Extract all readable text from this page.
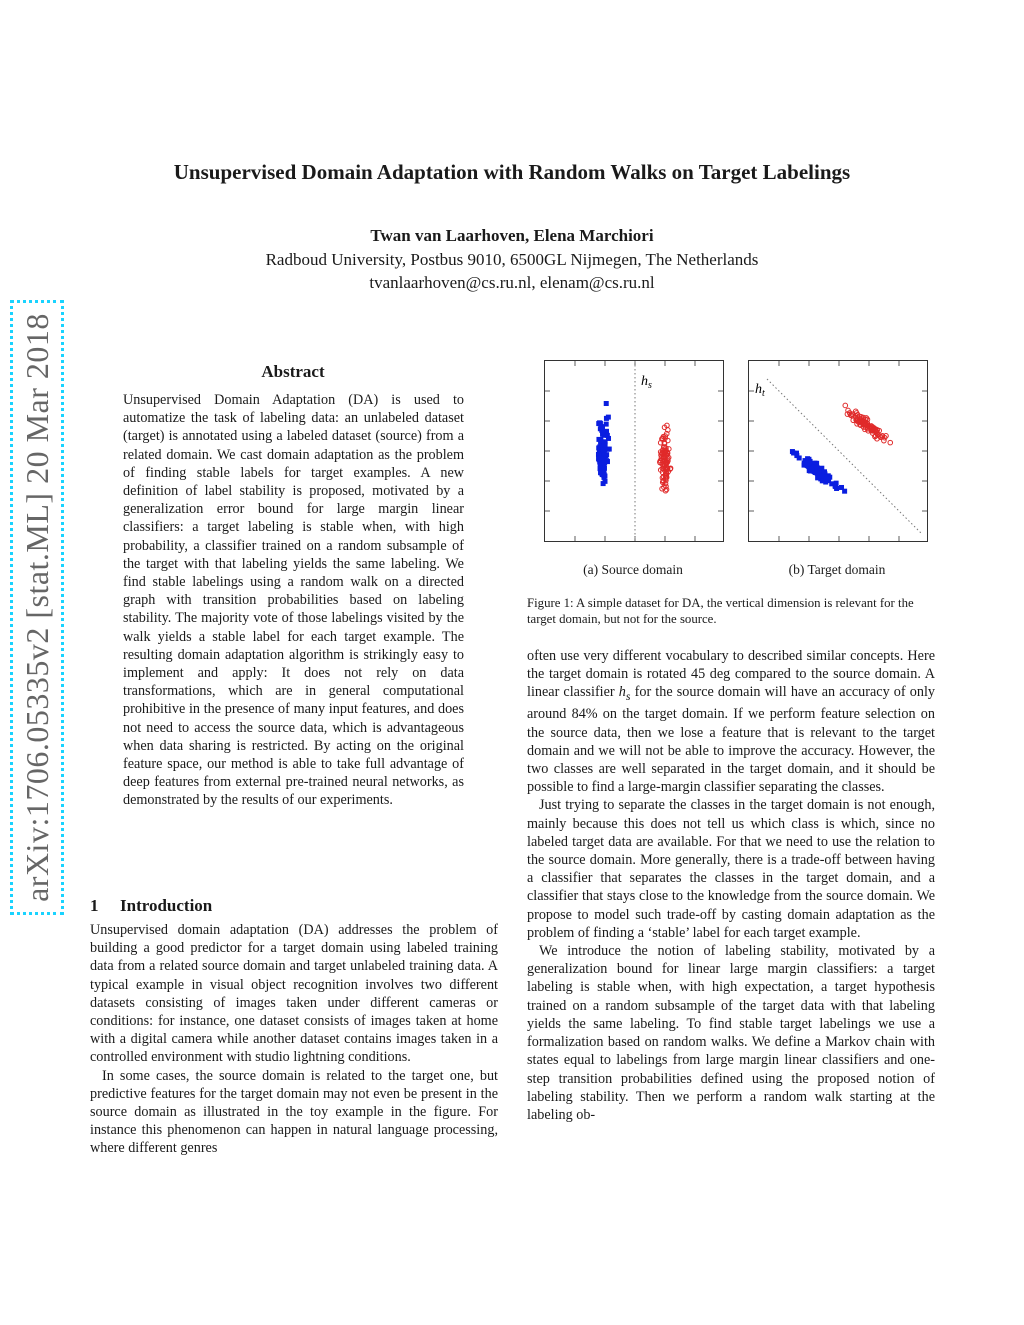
arXiv:1706.05335v2 [stat.ML] 20 Mar 2018
Unsupervised Domain Adaptation with Random Walks on Target Labelings
Twan van Laarhoven, Elena Marchiori
Radboud University, Postbus 9010, 6500GL Nijmegen, The Netherlands
tvanlaarhoven@cs.ru.nl, elenam@cs.ru.nl
Abstract
Unsupervised Domain Adaptation (DA) is used to automatize the task of labeling data: an unlabeled dataset (target) is annotated using a labeled dataset (source) from a related domain. We cast domain adaptation as the problem of finding stable labels for target examples. A new definition of label stability is proposed, motivated by a generalization error bound for large margin linear classifiers: a target labeling is stable when, with high probability, a classifier trained on a random subsample of the target with that labeling yields the same labeling. We find stable labelings using a random walk on a directed graph with transition probabilities based on labeling stability. The majority vote of those labelings visited by the walk yields a stable label for each target example. The resulting domain adaptation algorithm is strikingly easy to implement and apply: It does not rely on data transformations, which are in general computational prohibitive in the presence of many input features, and does not need to access the source data, which is advantageous when data sharing is restricted. By acting on the original feature space, our method is able to take full advantage of deep features from external pre-trained neural networks, as demonstrated by the results of our experiments.
1 Introduction

Unsupervised domain adaptation (DA) addresses the problem of building a good predictor for a target domain using labeled training data from a related source domain and target unlabeled training data. A typical example in visual object recognition involves two different datasets consisting of images taken under different cameras or conditions: for instance, one dataset consists of images taken at home with a digital camera while another dataset contains images taken in a controlled environment with studio lightning conditions.

In some cases, the source domain is related to the target one, but predictive features for the target domain may not even be present in the source domain as illustrated in the toy example in the figure. For instance this phenomenon can happen in natural language processing, where different genres

$h_s$
(a) Source domain
$h_t$
(b) Target domain
Figure 1: A simple dataset for DA, the vertical dimension is relevant for the target domain, but not for the source.

often use very different vocabulary to described similar concepts. Here the target domain is rotated 45 deg compared to the source domain. A linear classifier $h_s$ for the source domain will have an accuracy of only around 84% on the target domain. If we perform feature selection on the source data, then we lose a feature that is relevant to the target domain and we will not be able to improve the accuracy. However, the two classes are well separated in the target domain, and it should be possible to find a large-margin classifier separating the classes.

Just trying to separate the classes in the target domain is not enough, mainly because this does not tell us which class is which, since no labeled target data are available. For that we need to use the relation to the source domain. More generally, there is a trade-off between having a classifier that separates the classes in the target domain, and a classifier that stays close to the knowledge from the source domain. We propose to model such trade-off by casting domain adaptation as the problem of finding a ‘stable’ label for each target example.

We introduce the notion of labeling stability, motivated by a generalization bound for linear large margin classifiers: a target labeling is stable when, with high expectation, a target hypothesis trained on a random subsample of the target data with that labeling yields the same labeling. To find stable target labelings we use a formalization based on random walks. We define a Markov chain with states equal to labelings from large margin linear classifiers and one-step transition probabilities defined using the proposed notion of labeling stability. Then we perform a random walk starting at the labeling ob-
